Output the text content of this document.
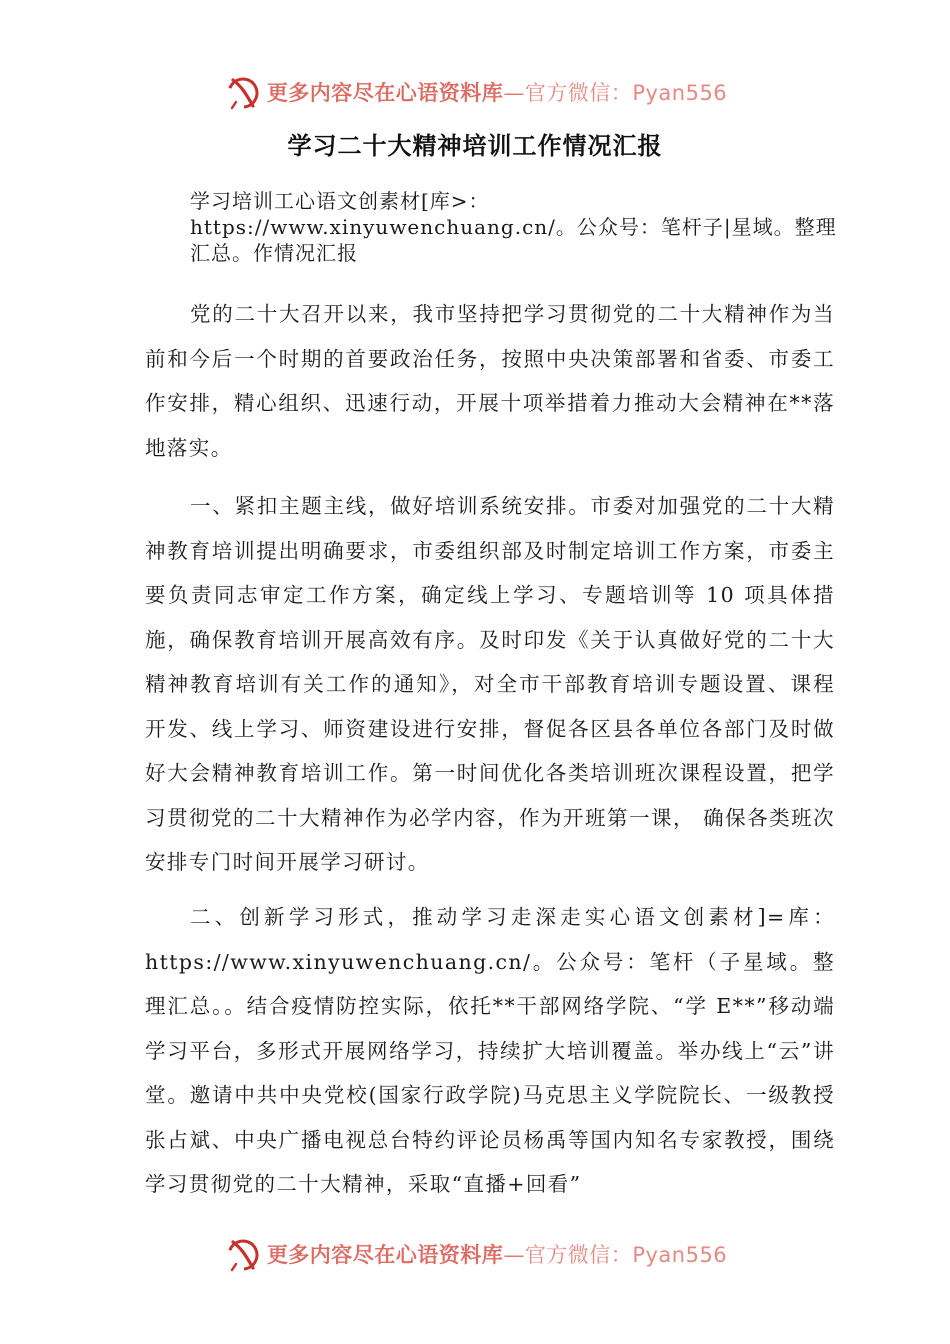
更多内容尽在心语资料库—官方微信：Pyan556
学习二十大精神培训工作情况汇报
学习培训工心语文创素材[库>：https://www.xinyuwenchuang.cn/。公众号：笔杆子|星域。整理汇总。作情况汇报

党的二十大召开以来，我市坚持把学习贯彻党的二十大精神作为当前和今后一个时期的首要政治任务，按照中央决策部署和省委、市委工作安排，精心组织、迅速行动，开展十项举措着力推动大会精神在**落地落实。

一、紧扣主题主线，做好培训系统安排。市委对加强党的二十大精神教育培训提出明确要求，市委组织部及时制定培训工作方案，市委主要负责同志审定工作方案，确定线上学习、专题培训等 10 项具体措施，确保教育培训开展高效有序。及时印发《关于认真做好党的二十大精神教育培训有关工作的通知》，对全市干部教育培训专题设置、课程开发、线上学习、师资建设进行安排，督促各区县各单位各部门及时做好大会精神教育培训工作。第一时间优化各类培训班次课程设置，把学习贯彻党的二十大精神作为必学内容，作为开班第一课， 确保各类班次安排专门时间开展学习研讨。

二、创新学习形式，推动学习走深走实心语文创素材]=库：https://www.xinyuwenchuang.cn/。公众号：笔杆（子星域。整理汇总。。结合疫情防控实际，依托**干部网络学院、“学 E**”移动端学习平台，多形式开展网络学习，持续扩大培训覆盖。举办线上“云”讲堂。邀请中共中央党校(国家行政学院)马克思主义学院院长、一级教授张占斌、中央广播电视总台特约评论员杨禹等国内知名专家教授，围绕学习贯彻党的二十大精神，采取“直播+回看”

更多内容尽在心语资料库—官方微信：Pyan556
